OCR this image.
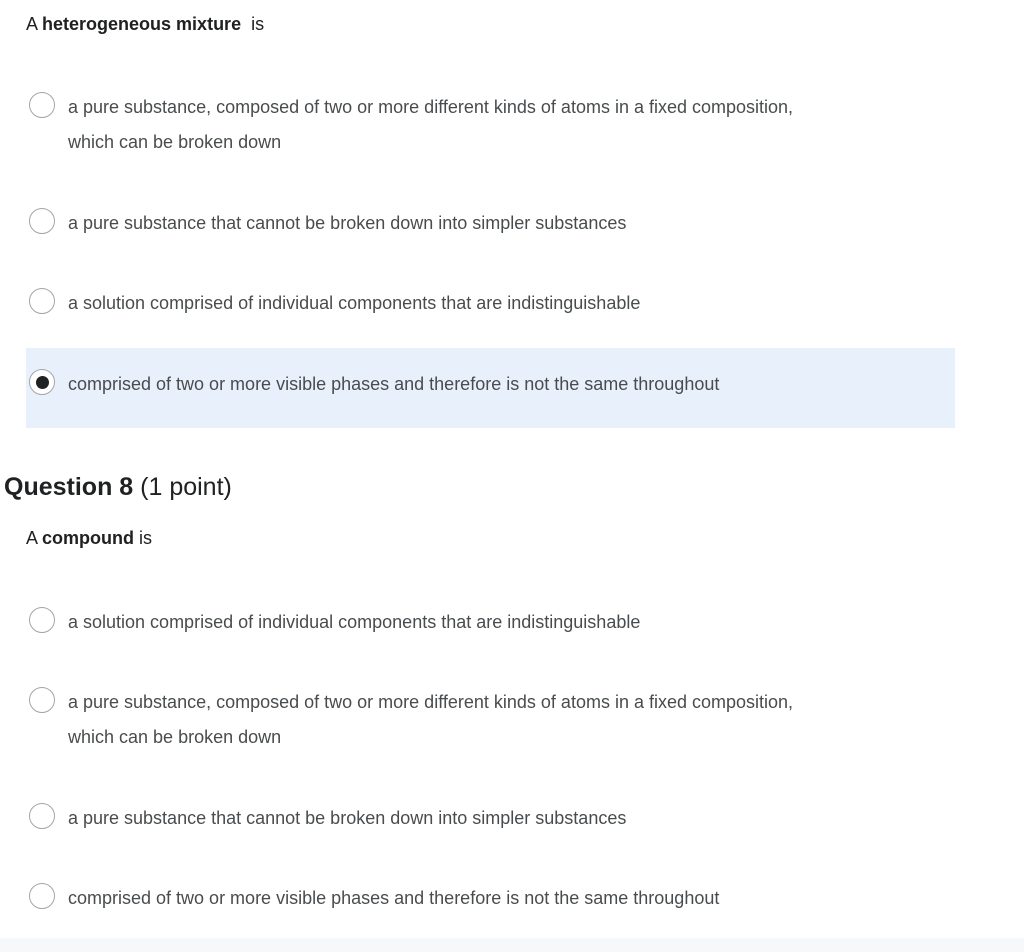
A heterogeneous mixture is

a pure substance, composed of two or more different kinds of atoms in a fixed composition,
which can be broken down
a pure substance that cannot be broken down into simpler substances
a solution comprised of individual components that are indistinguishable
comprised of two or more visible phases and therefore is not the same throughout
Question 8 (1 point)

A compound is

a solution comprised of individual components that are indistinguishable
a pure substance, composed of two or more different kinds of atoms in a fixed composition,
which can be broken down
a pure substance that cannot be broken down into simpler substances
comprised of two or more visible phases and therefore is not the same throughout
